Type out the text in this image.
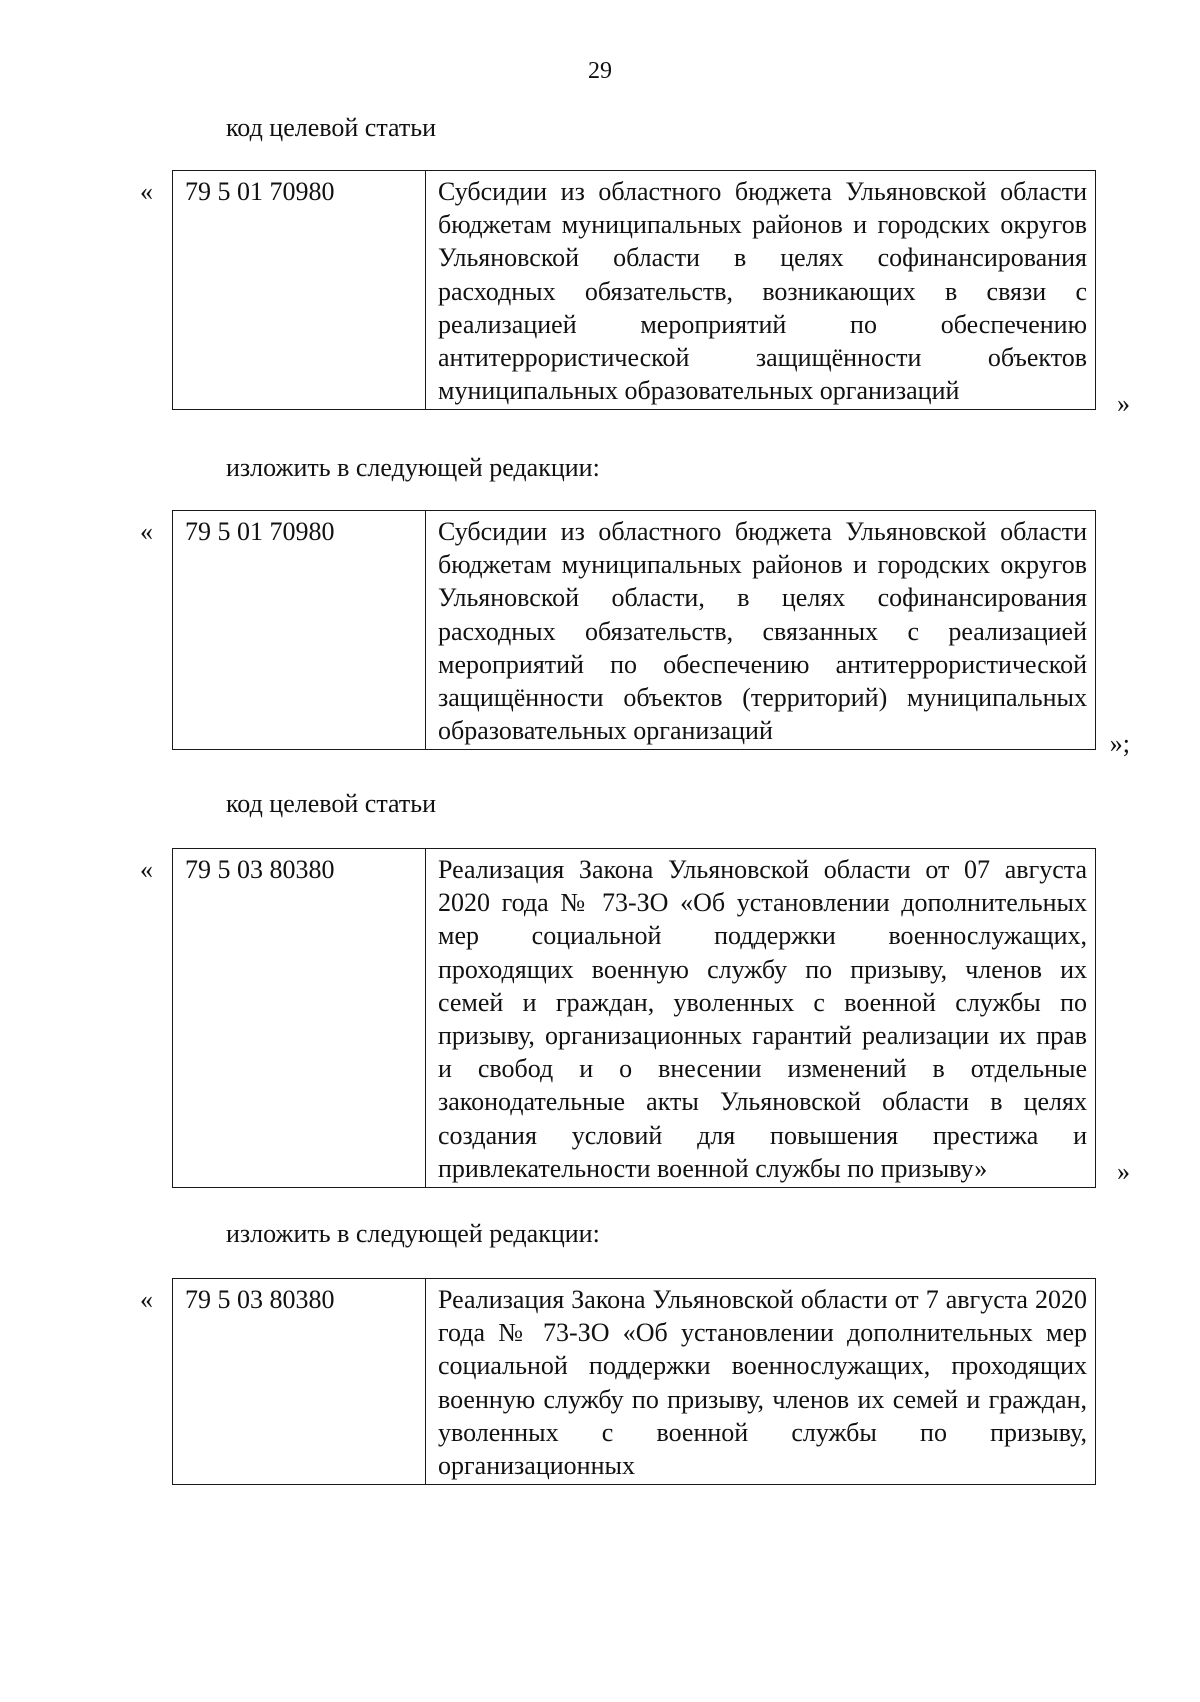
29
код целевой статьи
« 79 5 01 70980	Субсидии из областного бюджета Ульяновской области бюджетам муниципальных районов и городских округов Ульяновской области в целях софинансирования расходных обязательств, возникающих в связи с реализацией мероприятий по обеспечению антитеррористической защищённости объектов муниципальных образовательных организаций	»
изложить в следующей редакции:
« 79 5 01 70980	Субсидии из областного бюджета Ульяновской области бюджетам муниципальных районов и городских округов Ульяновской области, в целях софинансирования расходных обязательств, связанных с реализацией мероприятий по обеспечению антитеррористической защищённости объектов (территорий) муниципальных образовательных организаций	»;
код целевой статьи
« 79 5 03 80380	Реализация Закона Ульяновской области от 07 августа 2020 года № 73-ЗО «Об установлении дополнительных мер социальной поддержки военнослужащих, проходящих военную службу по призыву, членов их семей и граждан, уволенных с военной службы по призыву, организационных гарантий реализации их прав и свобод и о внесении изменений в отдельные законодательные акты Ульяновской области в целях создания условий для повышения престижа и привлекательности военной службы по призыву»	»
изложить в следующей редакции:
« 79 5 03 80380	Реализация Закона Ульяновской области от 7 августа 2020 года № 73-ЗО «Об установлении дополнительных мер социальной поддержки военнослужащих, проходящих военную службу по призыву, членов их семей и граждан, уволенных с военной службы по призыву, организационных
